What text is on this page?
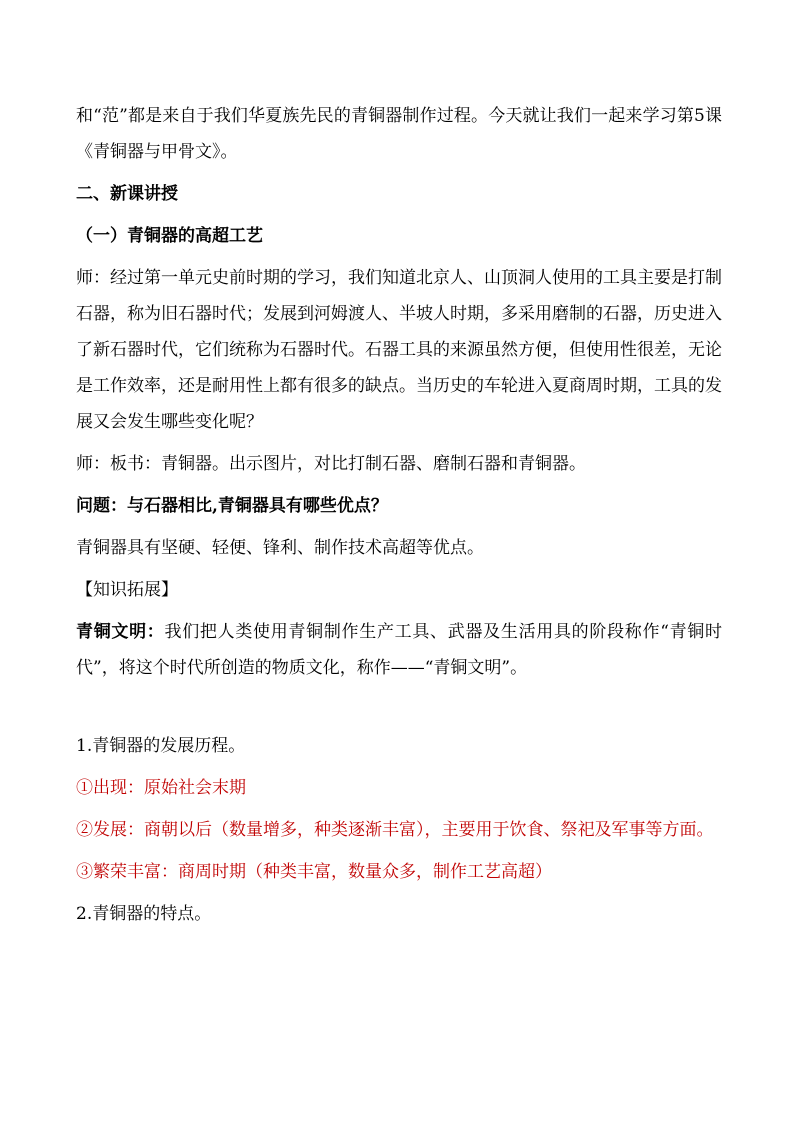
和“范”都是来自于我们华夏族先民的青铜器制作过程。今天就让我们一起来学习第5课《青铜器与甲骨文》。

二、新课讲授

（一）青铜器的高超工艺

师：经过第一单元史前时期的学习，我们知道北京人、山顶洞人使用的工具主要是打制石器，称为旧石器时代；发展到河姆渡人、半坡人时期，多采用磨制的石器，历史进入了新石器时代，它们统称为石器时代。石器工具的来源虽然方便，但使用性很差，无论是工作效率，还是耐用性上都有很多的缺点。当历史的车轮进入夏商周时期，工具的发展又会发生哪些变化呢？

师：板书：青铜器。出示图片，对比打制石器、磨制石器和青铜器。

问题：与石器相比,青铜器具有哪些优点？

青铜器具有坚硬、轻便、锋利、制作技术高超等优点。

【知识拓展】

青铜文明：我们把人类使用青铜制作生产工具、武器及生活用具的阶段称作“青铜时代”，将这个时代所创造的物质文化，称作——“青铜文明”。

1.青铜器的发展历程。

①出现：原始社会末期

②发展：商朝以后（数量增多，种类逐渐丰富），主要用于饮食、祭祀及军事等方面。

③繁荣丰富：商周时期（种类丰富，数量众多，制作工艺高超）

2.青铜器的特点。
